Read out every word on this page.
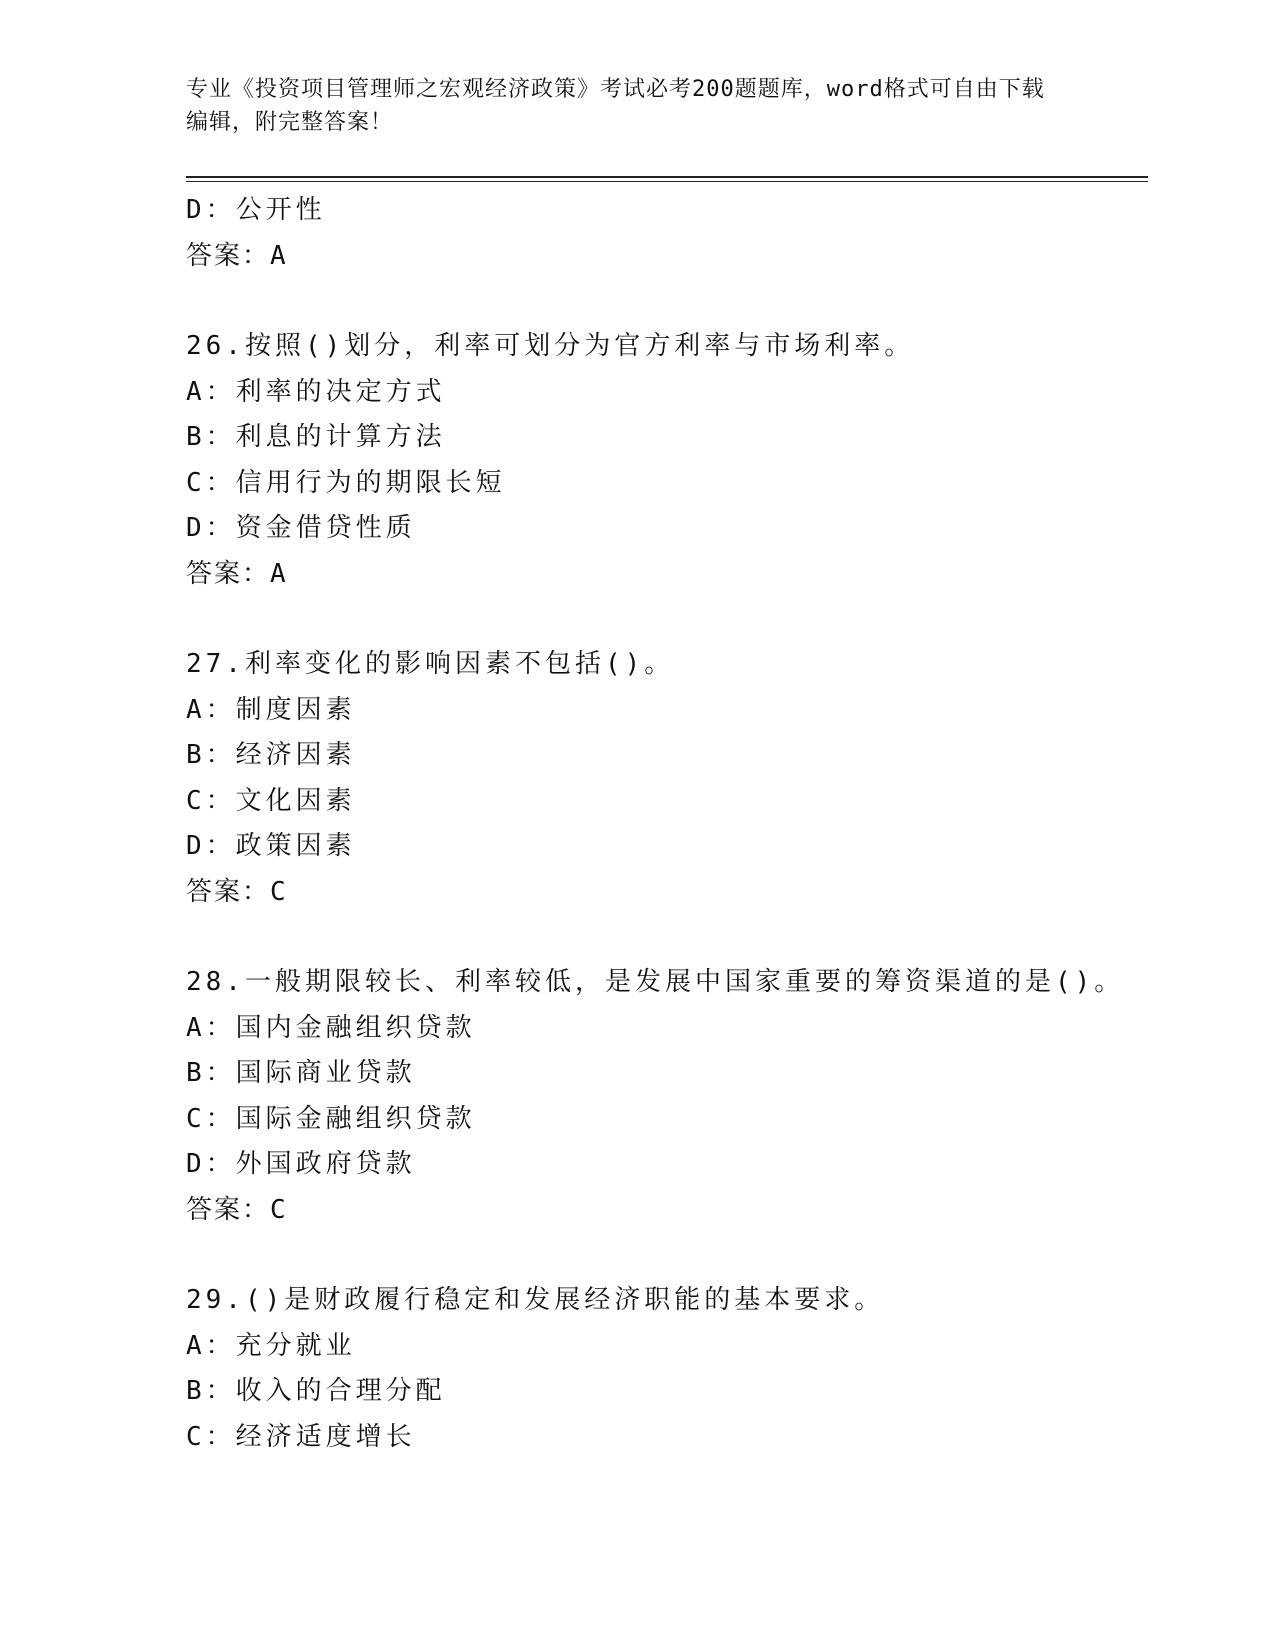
专业《投资项目管理师之宏观经济政策》考试必考200题题库，word格式可自由下载编辑，附完整答案！
D：公开性
答案：A
26.按照()划分，利率可划分为官方利率与市场利率。
A：利率的决定方式
B：利息的计算方法
C：信用行为的期限长短
D：资金借贷性质
答案：A
27.利率变化的影响因素不包括()。
A：制度因素
B：经济因素
C：文化因素
D：政策因素
答案：C
28.一般期限较长、利率较低，是发展中国家重要的筹资渠道的是()。
A：国内金融组织贷款
B：国际商业贷款
C：国际金融组织贷款
D：外国政府贷款
答案：C
29.()是财政履行稳定和发展经济职能的基本要求。
A：充分就业
B：收入的合理分配
C：经济适度增长
